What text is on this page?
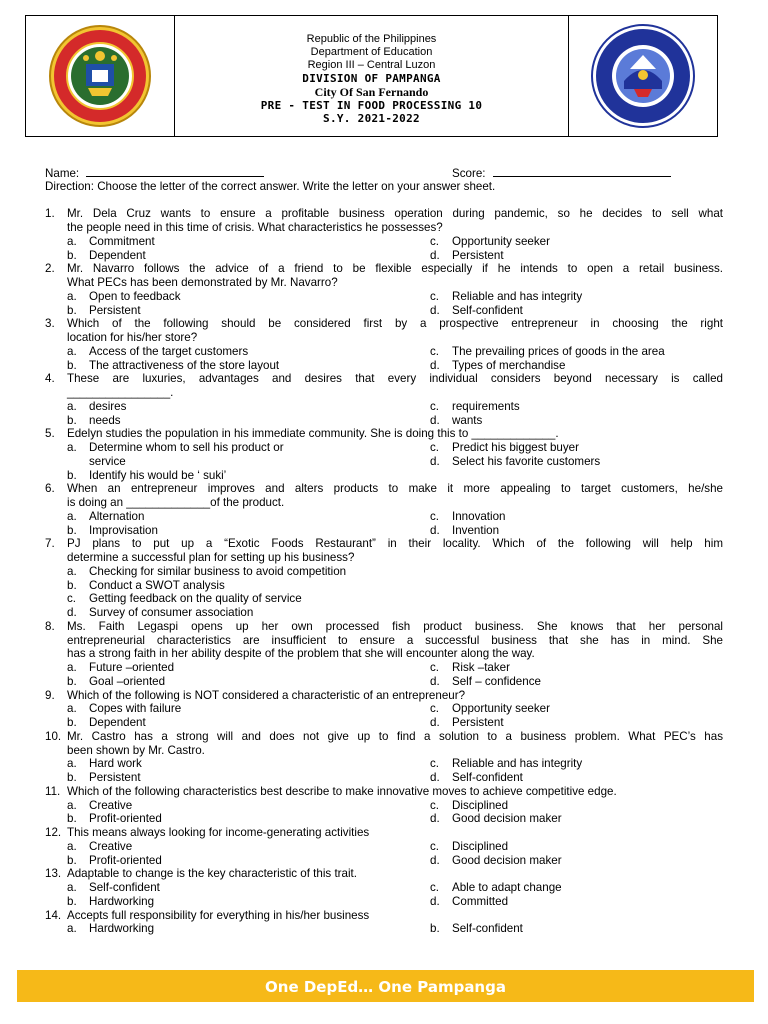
Republic of the Philippines
Department of Education
Region III – Central Luzon
DIVISION OF PAMPANGA
City Of San Fernando
PRE - TEST IN FOOD PROCESSING 10
S.Y. 2021-2022
Name:	Score:
Direction: Choose the letter of the correct answer. Write the letter on your answer sheet.
1.	Mr. Dela Cruz wants to ensure a profitable business operation during pandemic, so he decides to sell what
the people need in this time of crisis. What characteristics he possesses?
a. Commitment	c. Opportunity seeker
b. Dependent	d. Persistent
2.	Mr. Navarro follows the advice of a friend to be flexible especially if he intends to open a retail business.
What PECs has been demonstrated by Mr. Navarro?
a. Open to feedback	c. Reliable and has integrity
b. Persistent	d. Self-confident
3.	Which of the following should be considered first by a prospective entrepreneur in choosing the right
location for his/her store?
a. Access of the target customers	c. The prevailing prices of goods in the area
b. The attractiveness of the store layout	d. Types of merchandise
4.	These are luxuries, advantages and desires that every individual considers beyond necessary is called
________________.
a. desires	c. requirements
b. needs	d. wants
5.	Edelyn studies the population in his immediate community. She is doing this to _____________.
a. Determine whom to sell his product or	c. Predict his biggest buyer
service	d. Select his favorite customers
b. Identify his would be ‘ suki’
6.	When an entrepreneur improves and alters products to make it more appealing to target customers, he/she
is doing an _____________of the product.
a. Alternation	c. Innovation
b. Improvisation	d. Invention
7.	PJ plans to put up a “Exotic Foods Restaurant” in their locality. Which of the following will help him
determine a successful plan for setting up his business?
a. Checking for similar business to avoid competition
b. Conduct a SWOT analysis
c. Getting feedback on the quality of service
d. Survey of consumer association
8.	Ms. Faith Legaspi opens up her own processed fish product business. She knows that her personal
entrepreneurial characteristics are insufficient to ensure a successful business that she has in mind. She
has a strong faith in her ability despite of the problem that she will encounter along the way.
a. Future –oriented	c. Risk –taker
b. Goal –oriented	d. Self – confidence
9.	Which of the following is NOT considered a characteristic of an entrepreneur?
a. Copes with failure	c. Opportunity seeker
b. Dependent	d. Persistent
10. Mr. Castro has a strong will and does not give up to find a solution to a business problem. What PEC’s has
been shown by Mr. Castro.
a. Hard work	c. Reliable and has integrity
b. Persistent	d. Self-confident
11. Which of the following characteristics best describe to make innovative moves to achieve competitive edge.
a. Creative	c. Disciplined
b. Profit-oriented	d. Good decision maker
12. This means always looking for income-generating activities
a. Creative	c. Disciplined
b. Profit-oriented	d. Good decision maker
13. Adaptable to change is the key characteristic of this trait.
a. Self-confident	c. Able to adapt change
b. Hardworking	d. Committed
14. Accepts full responsibility for everything in his/her business
a. Hardworking	b. Self-confident
One DepEd… One Pampanga
